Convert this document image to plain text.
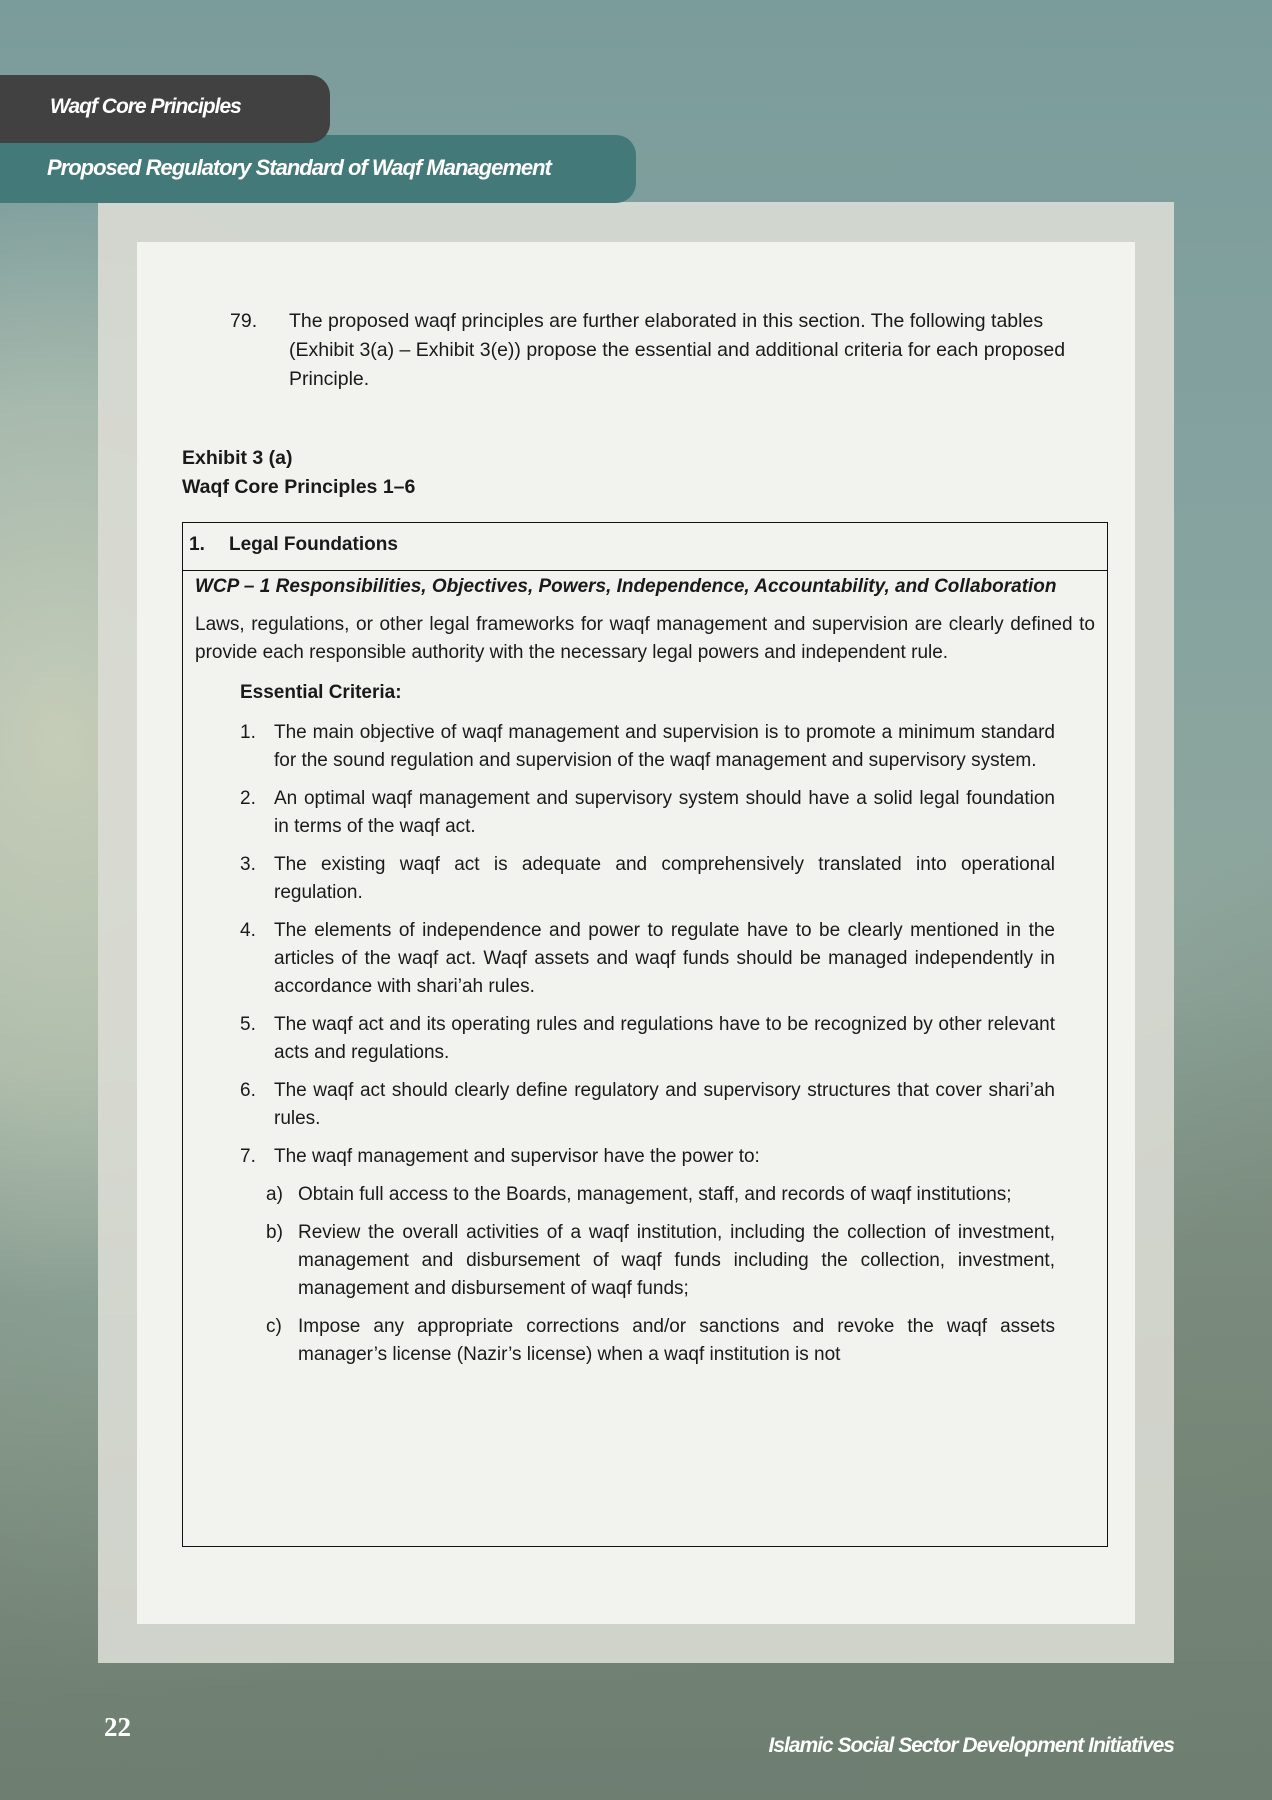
Waqf Core Principles
Proposed Regulatory Standard of Waqf Management
79.	The proposed waqf principles are further elaborated in this section. The following tables (Exhibit 3(a) – Exhibit 3(e)) propose the essential and additional criteria for each proposed Principle.
Exhibit 3 (a)
Waqf Core Principles 1–6
1. Legal Foundations
WCP – 1 Responsibilities, Objectives, Powers, Independence, Accountability, and Collaboration
Laws, regulations, or other legal frameworks for waqf management and supervision are clearly defined to provide each responsible authority with the necessary legal powers and independent rule.
Essential Criteria:
1. The main objective of waqf management and supervision is to promote a minimum standard for the sound regulation and supervision of the waqf management and supervisory system.
2. An optimal waqf management and supervisory system should have a solid legal foundation in terms of the waqf act.
3. The existing waqf act is adequate and comprehensively translated into operational regulation.
4. The elements of independence and power to regulate have to be clearly mentioned in the articles of the waqf act. Waqf assets and waqf funds should be managed independently in accordance with shari’ah rules.
5. The waqf act and its operating rules and regulations have to be recognized by other relevant acts and regulations.
6. The waqf act should clearly define regulatory and supervisory structures that cover shari’ah rules.
7. The waqf management and supervisor have the power to:
a) Obtain full access to the Boards, management, staff, and records of waqf institutions;
b) Review the overall activities of a waqf institution, including the collection of investment, management and disbursement of waqf funds including the collection, investment, management and disbursement of waqf funds;
c) Impose any appropriate corrections and/or sanctions and revoke the waqf assets manager’s license (Nazir’s license) when a waqf institution is not
22
Islamic Social Sector Development Initiatives
